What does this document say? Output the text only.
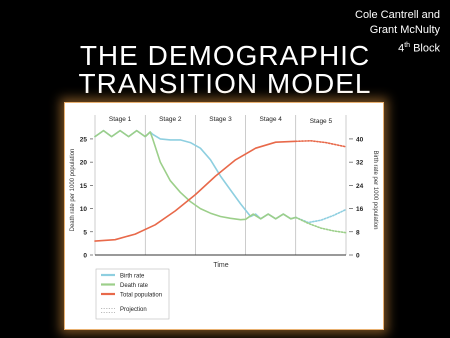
Cole Cantrell and
Grant McNulty
4th Block
THE DEMOGRAPHIC
TRANSITION MODEL
Stage 1	Stage 2	Stage 3	Stage 4	Stage 5
25
20
15
10
5
0
40
32
24
16
8
0
Death rate per 1000 population	Birth rate per 1000 population
Time
Birth rate
Death rate
Total population
Projection
